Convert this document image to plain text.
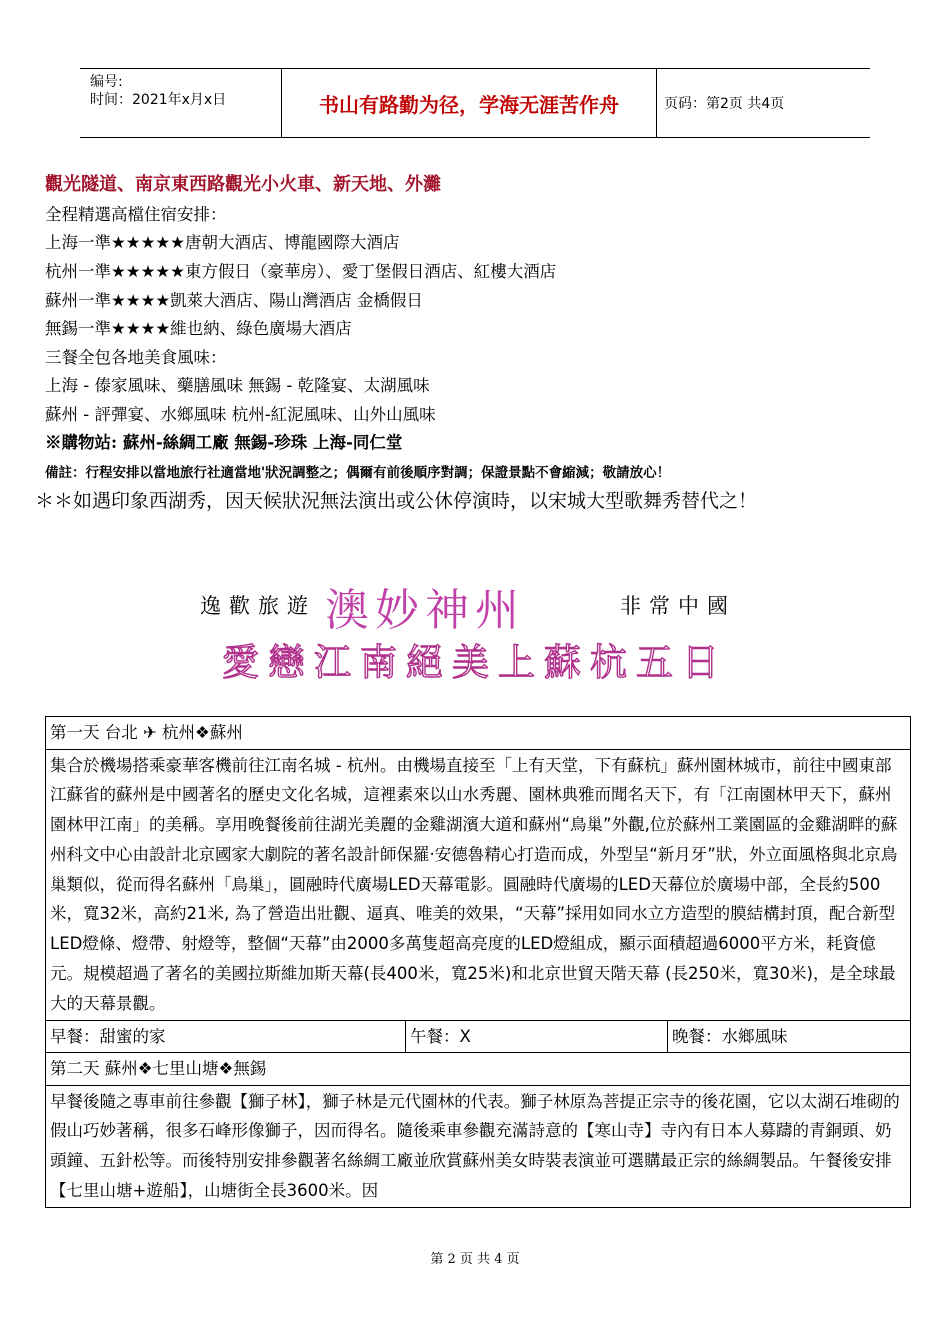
编号:
时间：2021年x月x日	书山有路勤为径，学海无涯苦作舟	页码：第2页 共4页
觀光隧道、南京東西路觀光小火車、新天地、外灘
全程精選高檔住宿安排：
上海一準★★★★★唐朝大酒店、博龍國際大酒店
杭州一準★★★★★東方假日（豪華房）、愛丁堡假日酒店、紅樓大酒店
蘇州一準★★★★凱萊大酒店、陽山灣酒店 金橋假日
無錫一準★★★★維也納、綠色廣場大酒店
三餐全包各地美食風味：
上海 - 傣家風味、藥膳風味 無錫 - 乾隆宴、太湖風味
蘇州 - 評彈宴、水鄉風味 杭州-紅泥風味、山外山風味
※購物站: 蘇州-絲綢工廠 無錫-珍珠 上海-同仁堂
備註：行程安排以當地旅行社適當地'狀況調整之；偶爾有前後順序對調；保證景點不會縮減；敬請放心！
＊＊如遇印象西湖秀，因天候狀況無法演出或公休停演時，以宋城大型歌舞秀替代之！
逸歡旅遊	非常中國
澳妙神州
愛戀江南絕美上蘇杭五日
第一天 台北 ✈ 杭州❖蘇州
集合於機場搭乘豪華客機前往江南名城 - 杭州。由機場直接至「上有天堂，下有蘇杭」蘇州園林城市，前往中國東部江蘇省的蘇州是中國著名的歷史文化名城，這裡素來以山水秀麗、園林典雅而聞名天下，有「江南園林甲天下，蘇州園林甲江南」的美稱。享用晚餐後前往湖光美麗的金雞湖濱大道和蘇州“鳥巢”外觀,位於蘇州工業園區的金雞湖畔的蘇州科文中心由設計北京國家大劇院的著名設計師保羅·安德魯精心打造而成，外型呈“新月牙”狀，外立面風格與北京鳥巢類似，從而得名蘇州「鳥巢」，圓融時代廣場LED天幕電影。圓融時代廣場的LED天幕位於廣場中部，全長約500米，寬32米，高約21米, 為了營造出壯觀、逼真、唯美的效果，“天幕”採用如同水立方造型的膜結構封頂，配合新型LED燈條、燈帶、射燈等，整個“天幕”由2000多萬隻超高亮度的LED燈組成，顯示面積超過6000平方米，耗資億元。規模超過了著名的美國拉斯維加斯天幕(長400米，寬25米)和北京世貿天階天幕 (長250米，寬30米)，是全球最大的天幕景觀。
早餐：甜蜜的家	午餐：X	晚餐：水鄉風味
第二天 蘇州❖七里山塘❖無錫
早餐後隨之專車前往參觀【獅子林】，獅子林是元代園林的代表。獅子林原為菩提正宗寺的後花園，它以太湖石堆砌的假山巧妙著稱，很多石峰形像獅子，因而得名。隨後乘車參觀充滿詩意的【寒山寺】寺內有日本人募躊的青銅頭、奶頭鐘、五針松等。而後特別安排參觀著名絲綢工廠並欣賞蘇州美女時裝表演並可選購最正宗的絲綢製品。午餐後安排【七里山塘+遊船】，山塘街全長3600米。因
第 2 页 共 4 页
